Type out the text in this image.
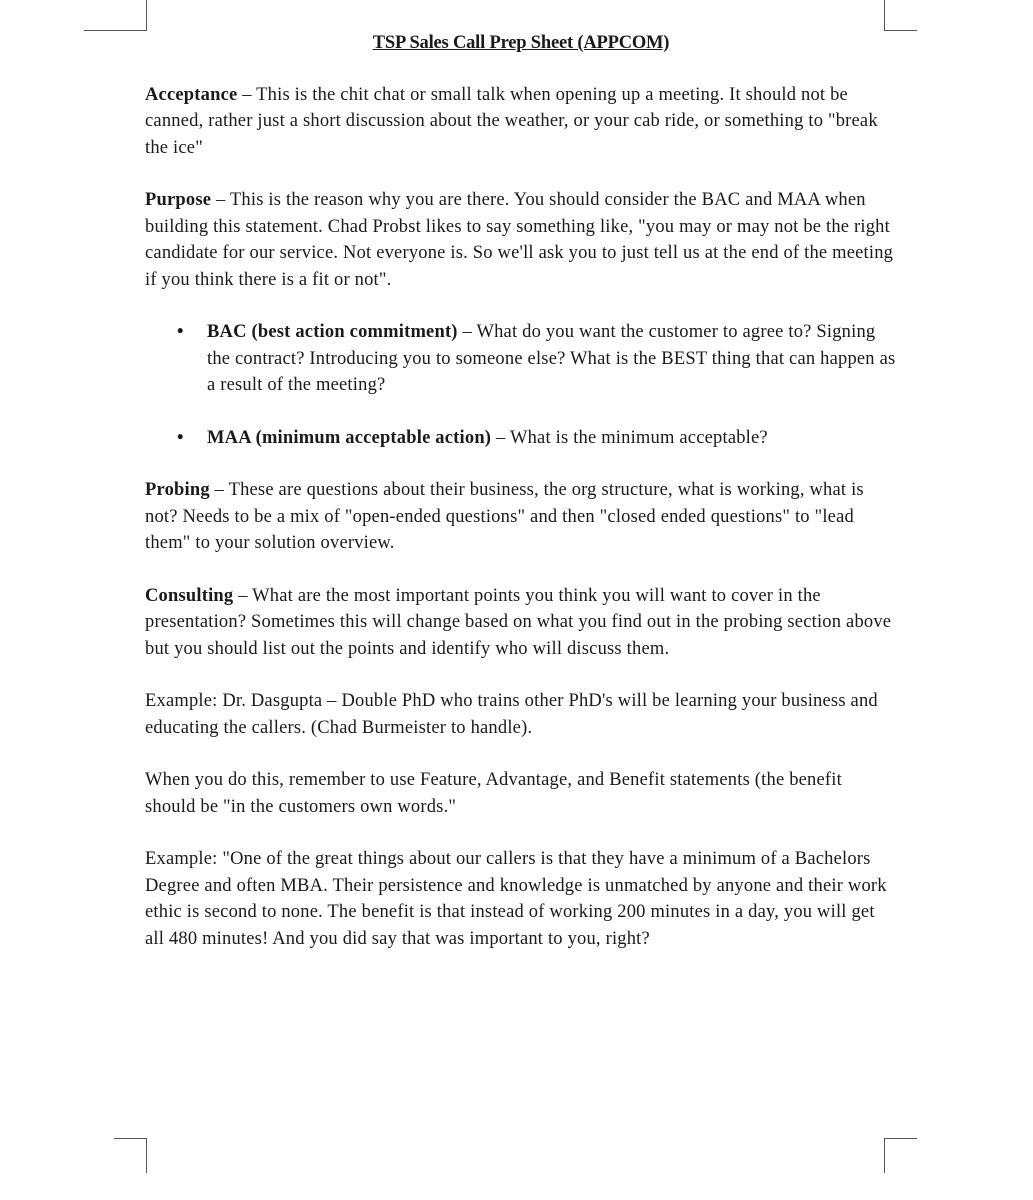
TSP Sales Call Prep Sheet (APPCOM)

Acceptance – This is the chit chat or small talk when opening up a meeting. It should not be canned, rather just a short discussion about the weather, or your cab ride, or something to "break the ice"

Purpose – This is the reason why you are there. You should consider the BAC and MAA when building this statement. Chad Probst likes to say something like, "you may or may not be the right candidate for our service. Not everyone is. So we'll ask you to just tell us at the end of the meeting if you think there is a fit or not".

• BAC (best action commitment) – What do you want the customer to agree to? Signing the contract? Introducing you to someone else? What is the BEST thing that can happen as a result of the meeting?
• MAA (minimum acceptable action) – What is the minimum acceptable?

Probing – These are questions about their business, the org structure, what is working, what is not? Needs to be a mix of "open-ended questions" and then "closed ended questions" to "lead them" to your solution overview.

Consulting – What are the most important points you think you will want to cover in the presentation? Sometimes this will change based on what you find out in the probing section above but you should list out the points and identify who will discuss them.

Example: Dr. Dasgupta – Double PhD who trains other PhD's will be learning your business and educating the callers. (Chad Burmeister to handle).

When you do this, remember to use Feature, Advantage, and Benefit statements (the benefit should be "in the customers own words."

Example: "One of the great things about our callers is that they have a minimum of a Bachelors Degree and often MBA. Their persistence and knowledge is unmatched by anyone and their work ethic is second to none. The benefit is that instead of working 200 minutes in a day, you will get all 480 minutes! And you did say that was important to you, right?
